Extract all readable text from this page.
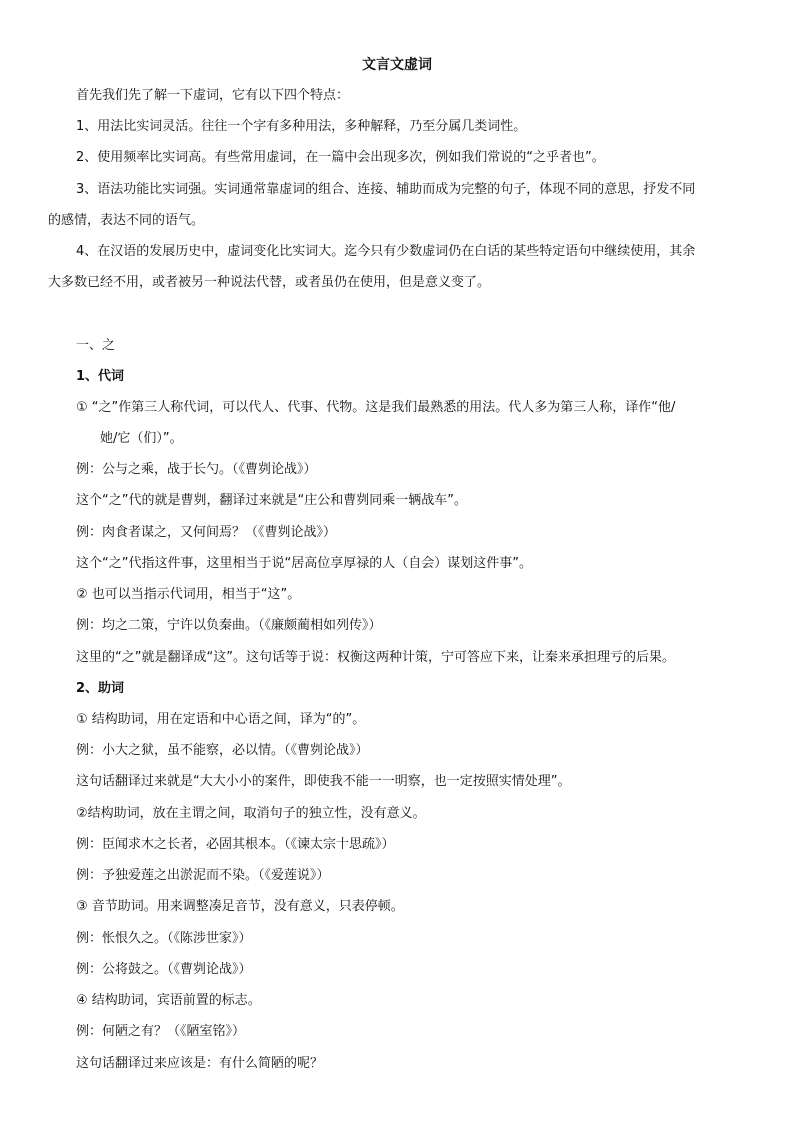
文言文虚词

首先我们先了解一下虚词，它有以下四个特点：

1、用法比实词灵活。往往一个字有多种用法，多种解释，乃至分属几类词性。

2、使用频率比实词高。有些常用虚词，在一篇中会出现多次，例如我们常说的“之乎者也”。

3、语法功能比实词强。实词通常靠虚词的组合、连接、辅助而成为完整的句子，体现不同的意思，抒发不同

的感情，表达不同的语气。

4、在汉语的发展历史中，虚词变化比实词大。迄今只有少数虚词仍在白话的某些特定语句中继续使用，其余

大多数已经不用，或者被另一种说法代替，或者虽仍在使用，但是意义变了。

一、之

1、代词

① “之”作第三人称代词，可以代人、代事、代物。这是我们最熟悉的用法。代人多为第三人称，译作“他/

她/它（们）”。

例：公与之乘，战于长勺。（《曹刿论战》）

这个“之”代的就是曹刿，翻译过来就是“庄公和曹刿同乘一辆战车”。

例：肉食者谋之，又何间焉？（《曹刿论战》）

这个“之”代指这件事，这里相当于说“居高位享厚禄的人（自会）谋划这件事”。

② 也可以当指示代词用，相当于“这”。

例：均之二策，宁许以负秦曲。（《廉颇蔺相如列传》）

这里的“之”就是翻译成“这”。这句话等于说：权衡这两种计策，宁可答应下来，让秦来承担理亏的后果。

2、助词

① 结构助词，用在定语和中心语之间，译为“的”。

例：小大之狱，虽不能察，必以情。（《曹刿论战》）

这句话翻译过来就是“大大小小的案件，即使我不能一一明察，也一定按照实情处理”。

②结构助词，放在主谓之间，取消句子的独立性，没有意义。

例：臣闻求木之长者，必固其根本。（《谏太宗十思疏》）

例：予独爱莲之出淤泥而不染。（《爱莲说》）

③ 音节助词。用来调整凑足音节，没有意义，只表停顿。

例：怅恨久之。（《陈涉世家》）

例：公将鼓之。（《曹刿论战》）

④ 结构助词，宾语前置的标志。

例：何陋之有？（《陋室铭》）

这句话翻译过来应该是：有什么简陋的呢？
